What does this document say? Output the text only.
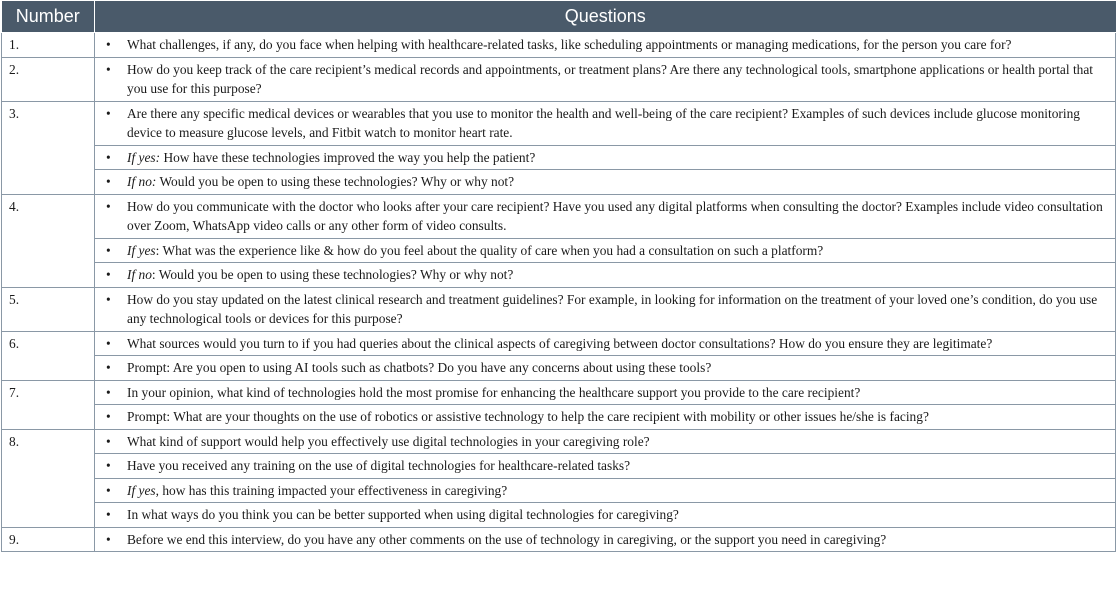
Number	Questions
1.	• What challenges, if any, do you face when helping with healthcare-related tasks, like scheduling appointments or managing medications, for the person you care for?

2.	• How do you keep track of the care recipient’s medical records and appointments, or treatment plans? Are there any technological tools, smartphone applications or health portal that you use for this purpose?

3.	• Are there any specific medical devices or wearables that you use to monitor the health and well-being of the care recipient? Examples of such devices include glucose monitoring device to measure glucose levels, and Fitbit watch to monitor heart rate.

	• If yes: How have these technologies improved the way you help the patient?

	• If no: Would you be open to using these technologies? Why or why not?

4.	• How do you communicate with the doctor who looks after your care recipient? Have you used any digital platforms when consulting the doctor? Examples include video consultation over Zoom, WhatsApp video calls or any other form of video consults.

	• If yes: What was the experience like & how do you feel about the quality of care when you had a consultation on such a platform?

	• If no: Would you be open to using these technologies? Why or why not?

5.	• How do you stay updated on the latest clinical research and treatment guidelines? For example, in looking for information on the treatment of your loved one’s condition, do you use any technological tools or devices for this purpose?

6.	• What sources would you turn to if you had queries about the clinical aspects of caregiving between doctor consultations? How do you ensure they are legitimate?

	• Prompt: Are you open to using AI tools such as chatbots? Do you have any concerns about using these tools?

7.	• In your opinion, what kind of technologies hold the most promise for enhancing the healthcare support you provide to the care recipient?

	• Prompt: What are your thoughts on the use of robotics or assistive technology to help the care recipient with mobility or other issues he/she is facing?

8.	• What kind of support would help you effectively use digital technologies in your caregiving role?

	• Have you received any training on the use of digital technologies for healthcare-related tasks?

	• If yes, how has this training impacted your effectiveness in caregiving?

	• In what ways do you think you can be better supported when using digital technologies for caregiving?

9.	• Before we end this interview, do you have any other comments on the use of technology in caregiving, or the support you need in caregiving?
